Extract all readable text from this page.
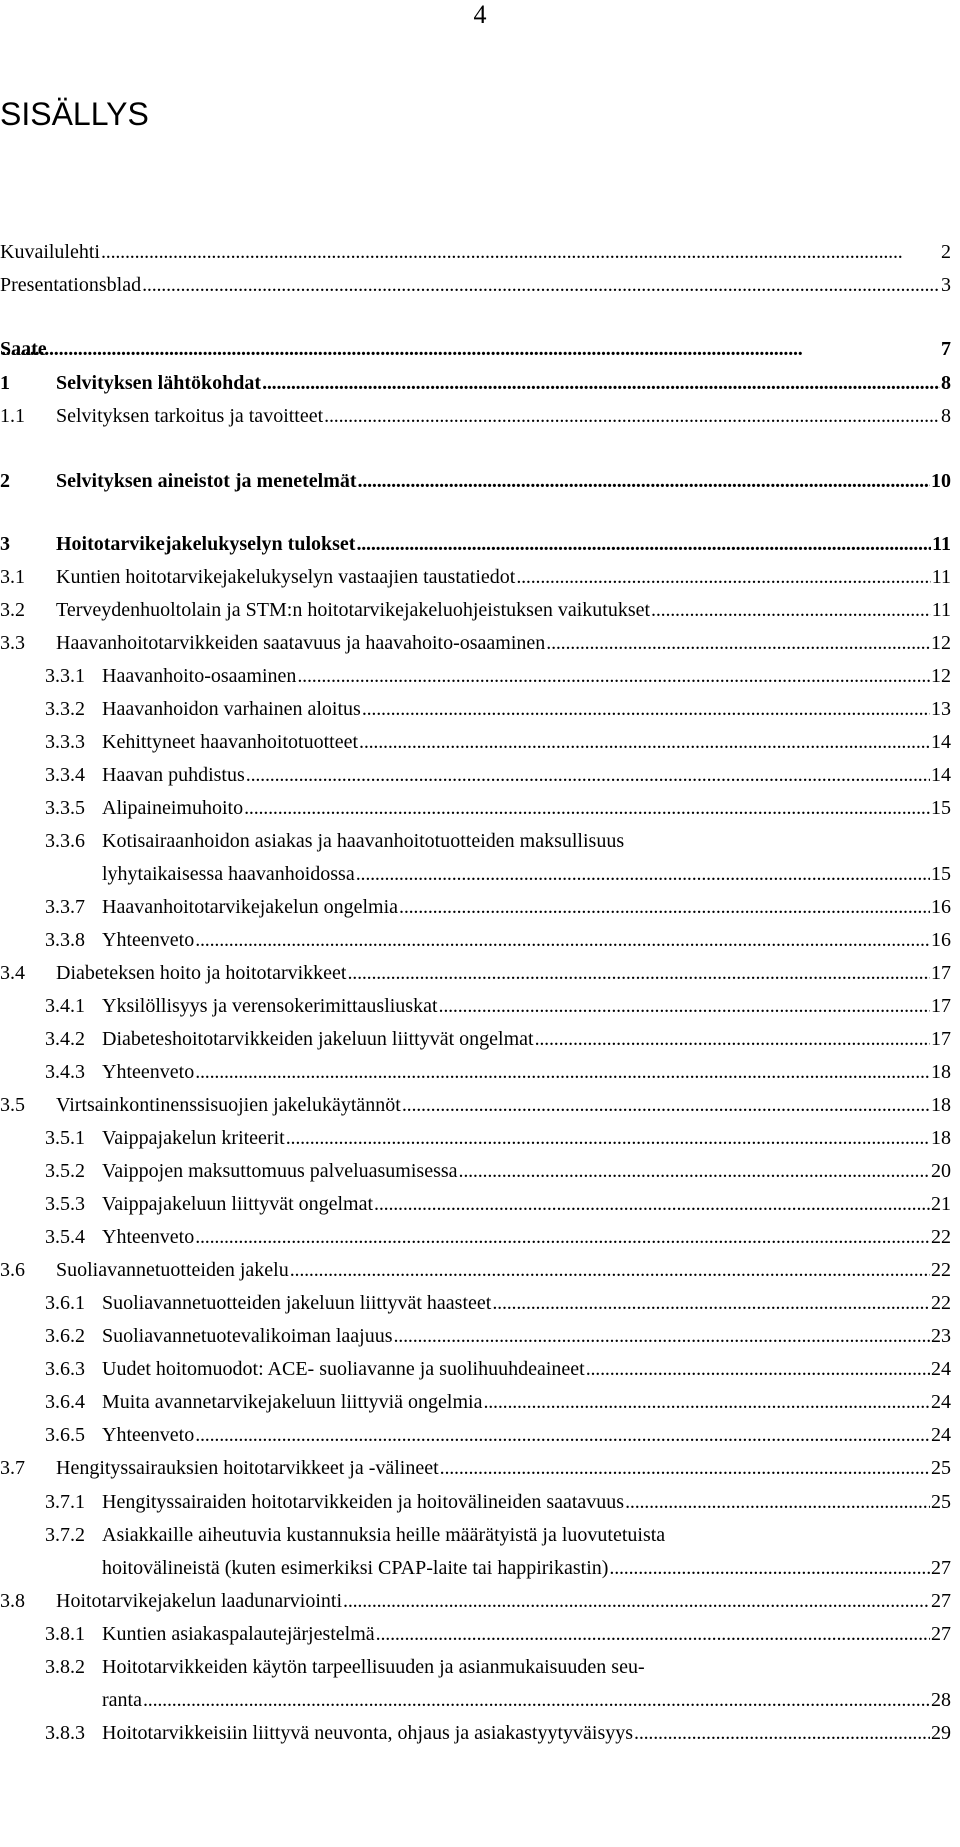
4
SISÄLLYS
Kuvailulehti . . .	2
Presentationsblad . . .	3
Saate . . .	7
1 Selvityksen lähtökohdat . . .	8
1.1 Selvityksen tarkoitus ja tavoitteet . . .	8
2 Selvityksen aineistot ja menetelmät . . .	10
3 Hoitotarvikejakelukyselyn tulokset . . .	11
3.1 Kuntien hoitotarvikejakelukyselyn vastaajien taustatiedot . . .	11
3.2 Terveydenhuoltolain ja STM:n hoitotarvikejakeluohjeistuksen vaikutukset . . .	11
3.3 Haavanhoitotarvikkeiden saatavuus ja haavahoito-osaaminen . . .	12
3.3.1 Haavanhoito-osaaminen . . .	12
3.3.2 Haavanhoidon varhainen aloitus . . .	13
3.3.3 Kehittyneet haavanhoitotuotteet . . .	14
3.3.4 Haavan puhdistus . . .	14
3.3.5 Alipaineimuhoito . . .	15
3.3.6 Kotisairaanhoidon asiakas ja haavanhoitotuotteiden maksullisuus
lyhytaikaisessa haavanhoidossa . . .	15
3.3.7 Haavanhoitotarvikejakelun ongelmia . . .	16
3.3.8 Yhteenveto . . .	16
3.4 Diabeteksen hoito ja hoitotarvikkeet . . .	17
3.4.1 Yksilöllisyys ja verensokerimittausliuskat . . .	17
3.4.2 Diabeteshoitotarvikkeiden jakeluun liittyvät ongelmat . . .	17
3.4.3 Yhteenveto . . .	18
3.5 Virtsainkontinenssisuojien jakelukäytännöt . . .	18
3.5.1 Vaippajakelun kriteerit . . .	18
3.5.2 Vaippojen maksuttomuus palveluasumisessa . . .	20
3.5.3 Vaippajakeluun liittyvät ongelmat . . .	21
3.5.4 Yhteenveto . . .	22
3.6 Suoliavannetuotteiden jakelu . . .	22
3.6.1 Suoliavannetuotteiden jakeluun liittyvät haasteet . . .	22
3.6.2 Suoliavannetuotevalikoiman laajuus . . .	23
3.6.3 Uudet hoitomuodot: ACE- suoliavanne ja suolihuuhdeaineet . . .	24
3.6.4 Muita avannetarvikejakeluun liittyviä ongelmia . . .	24
3.6.5 Yhteenveto . . .	24
3.7 Hengityssairauksien hoitotarvikkeet ja -välineet . . .	25
3.7.1 Hengityssairaiden hoitotarvikkeiden ja hoitovälineiden saatavuus . . .	25
3.7.2 Asiakkaille aiheutuvia kustannuksia heille määrätyistä ja luovutetuista
hoitovälineistä (kuten esimerkiksi CPAP-laite tai happirikastin) . . .	27
3.8 Hoitotarvikejakelun laadunarviointi . . .	27
3.8.1 Kuntien asiakaspalautejärjestelmä . . .	27
3.8.2 Hoitotarvikkeiden käytön tarpeellisuuden ja asianmukaisuuden seu-
ranta . . .	28
3.8.3 Hoitotarvikkeisiin liittyvä neuvonta, ohjaus ja asiakastyytyväisyys . . .	29
